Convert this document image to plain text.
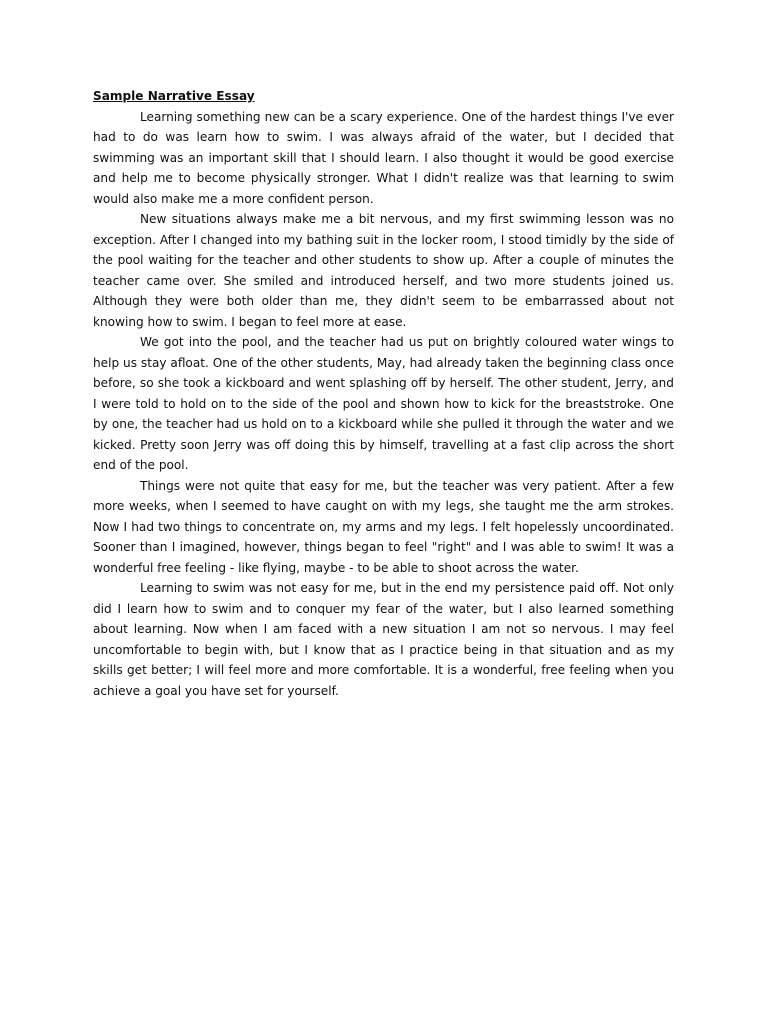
Sample Narrative Essay

Learning something new can be a scary experience. One of the hardest things I've ever had to do was learn how to swim. I was always afraid of the water, but I decided that swimming was an important skill that I should learn. I also thought it would be good exercise and help me to become physically stronger. What I didn't realize was that learning to swim would also make me a more confident person.

New situations always make me a bit nervous, and my first swimming lesson was no exception. After I changed into my bathing suit in the locker room, I stood timidly by the side of the pool waiting for the teacher and other students to show up. After a couple of minutes the teacher came over. She smiled and introduced herself, and two more students joined us. Although they were both older than me, they didn't seem to be embarrassed about not knowing how to swim. I began to feel more at ease.

We got into the pool, and the teacher had us put on brightly coloured water wings to help us stay afloat. One of the other students, May, had already taken the beginning class once before, so she took a kickboard and went splashing off by herself. The other student, Jerry, and I were told to hold on to the side of the pool and shown how to kick for the breaststroke. One by one, the teacher had us hold on to a kickboard while she pulled it through the water and we kicked. Pretty soon Jerry was off doing this by himself, travelling at a fast clip across the short end of the pool.

Things were not quite that easy for me, but the teacher was very patient. After a few more weeks, when I seemed to have caught on with my legs, she taught me the arm strokes. Now I had two things to concentrate on, my arms and my legs. I felt hopelessly uncoordinated. Sooner than I imagined, however, things began to feel "right" and I was able to swim! It was a wonderful free feeling - like flying, maybe - to be able to shoot across the water.

Learning to swim was not easy for me, but in the end my persistence paid off. Not only did I learn how to swim and to conquer my fear of the water, but I also learned something about learning. Now when I am faced with a new situation I am not so nervous. I may feel uncomfortable to begin with, but I know that as I practice being in that situation and as my skills get better; I will feel more and more comfortable. It is a wonderful, free feeling when you achieve a goal you have set for yourself.
